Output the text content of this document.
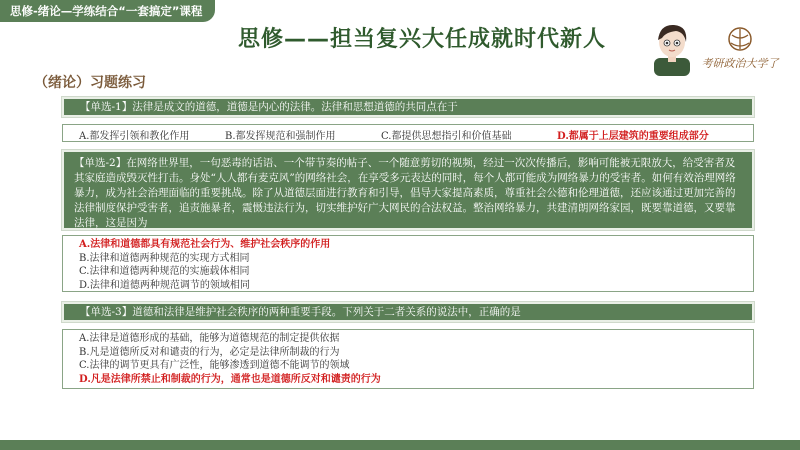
思修-绪论—学练结合“一套搞定”课程
思修——担当复兴大任成就时代新人
考研政治大学了
（绪论）习题练习
【单选-1】法律是成文的道德，道德是内心的法律。法律和思想道德的共同点在于
A.都发挥引领和教化作用	B.都发挥规范和强制作用	C.都提供思想指引和价值基础	D.都属于上层建筑的重要组成部分
【单选-2】在网络世界里，一句恶毒的话语、一个带节奏的帖子、一个随意剪切的视频，经过一次次传播后，影响可能被无限放大，给受害者及其家庭造成毁灭性打击。身处“人人都有麦克风”的网络社会，在享受多元表达的同时，每个人都可能成为网络暴力的受害者。如何有效治理网络暴力，成为社会治理面临的重要挑战。除了从道德层面进行教育和引导，倡导大家提高素质，尊重社会公德和伦理道德，还应该通过更加完善的法律制度保护受害者，追责施暴者，震慑违法行为，切实维护好广大网民的合法权益。整治网络暴力，共建清朗网络家园，既要靠道德，又要靠法律，这是因为
A.法律和道德都具有规范社会行为、维护社会秩序的作用
B.法律和道德两种规范的实现方式相同
C.法律和道德两种规范的实施载体相同
D.法律和道德两种规范调节的领域相同
【单选-3】道德和法律是维护社会秩序的两种重要手段。下列关于二者关系的说法中，正确的是
A.法律是道德形成的基础，能够为道德规范的制定提供依据
B.凡是道德所反对和谴责的行为，必定是法律所制裁的行为
C.法律的调节更具有广泛性，能够渗透到道德不能调节的领域
D.凡是法律所禁止和制裁的行为，通常也是道德所反对和谴责的行为
